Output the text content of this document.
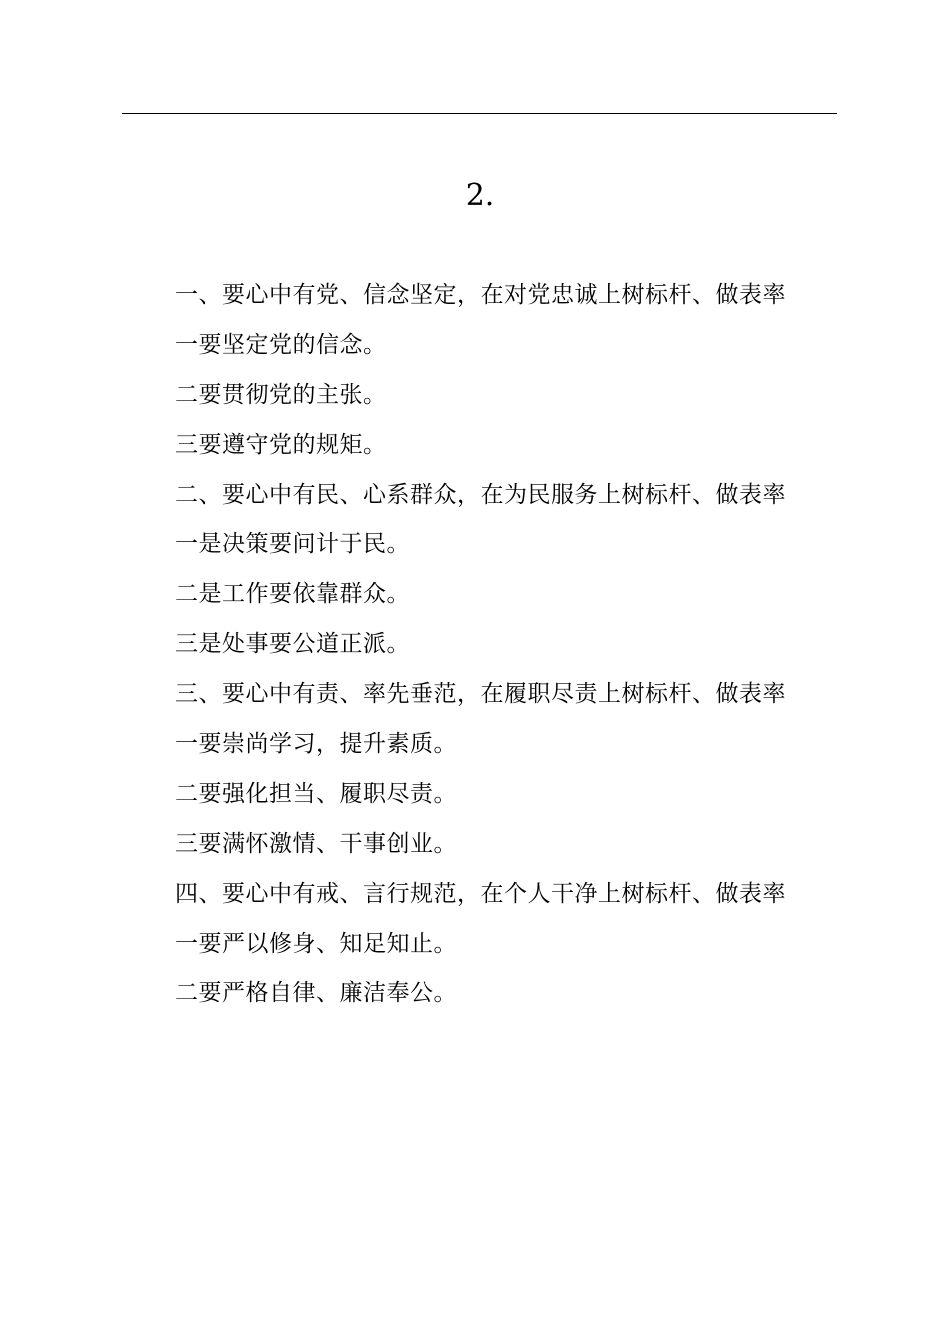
2.
一、要心中有党、信念坚定，在对党忠诚上树标杆、做表率
一要坚定党的信念。
二要贯彻党的主张。
三要遵守党的规矩。
二、要心中有民、心系群众，在为民服务上树标杆、做表率
一是决策要问计于民。
二是工作要依靠群众。
三是处事要公道正派。
三、要心中有责、率先垂范，在履职尽责上树标杆、做表率
一要崇尚学习，提升素质。
二要强化担当、履职尽责。
三要满怀激情、干事创业。
四、要心中有戒、言行规范，在个人干净上树标杆、做表率
一要严以修身、知足知止。
二要严格自律、廉洁奉公。
